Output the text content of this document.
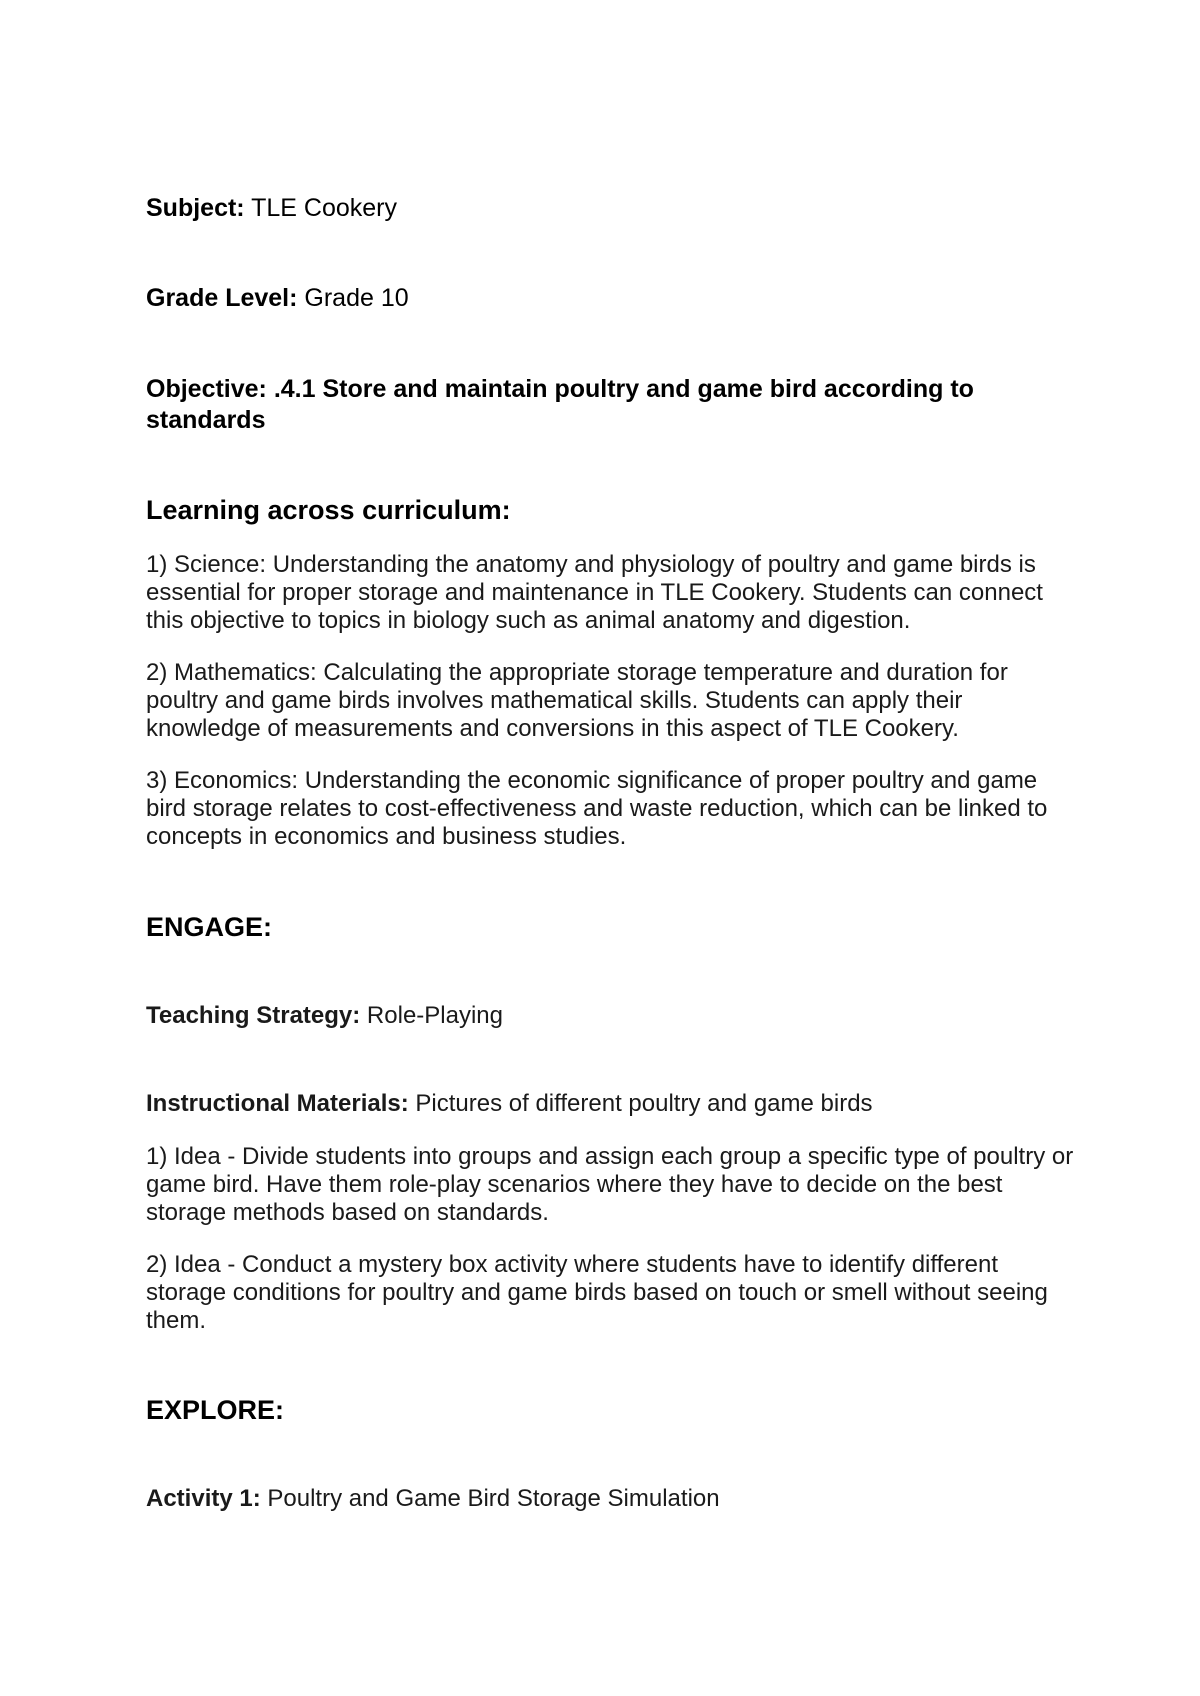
Subject: TLE Cookery

Grade Level: Grade 10

Objective: .4.1 Store and maintain poultry and game bird according to standards

Learning across curriculum:

1) Science: Understanding the anatomy and physiology of poultry and game birds is essential for proper storage and maintenance in TLE Cookery. Students can connect this objective to topics in biology such as animal anatomy and digestion.

2) Mathematics: Calculating the appropriate storage temperature and duration for poultry and game birds involves mathematical skills. Students can apply their knowledge of measurements and conversions in this aspect of TLE Cookery.

3) Economics: Understanding the economic significance of proper poultry and game bird storage relates to cost-effectiveness and waste reduction, which can be linked to concepts in economics and business studies.

ENGAGE:

Teaching Strategy: Role-Playing

Instructional Materials: Pictures of different poultry and game birds

1) Idea - Divide students into groups and assign each group a specific type of poultry or game bird. Have them role-play scenarios where they have to decide on the best storage methods based on standards.

2) Idea - Conduct a mystery box activity where students have to identify different storage conditions for poultry and game birds based on touch or smell without seeing them.

EXPLORE:

Activity 1: Poultry and Game Bird Storage Simulation
